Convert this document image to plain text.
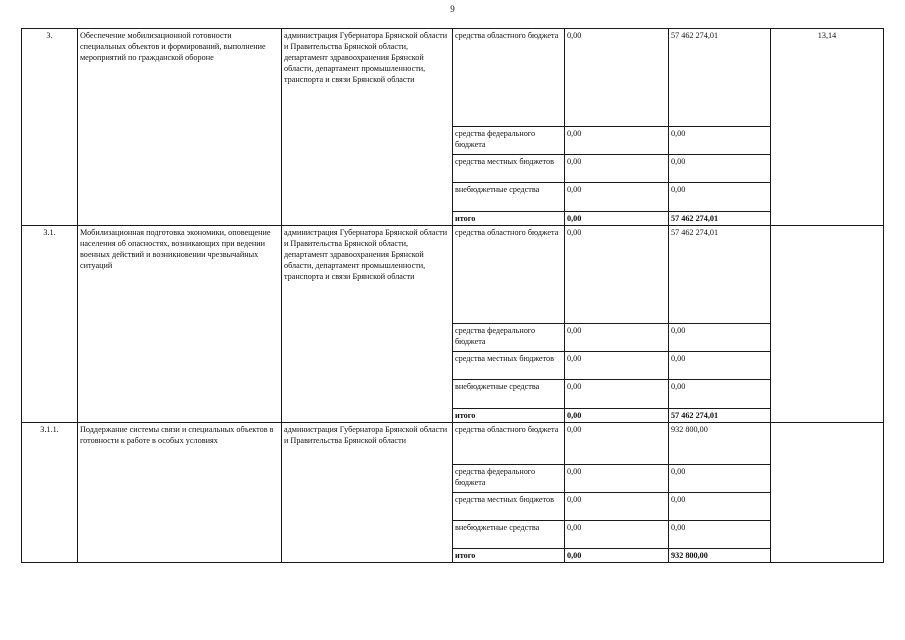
9
3.	Обеспечение мобилизационной готовности специальных объектов и формирований, выполнение мероприятий по гражданской обороне	администрация Губернатора Брянской области и Правительства Брянской области, департамент здравоохранения Брянской области, департамент промышленности, транспорта и связи Брянской области	средства областного бюджета	0,00	57 462 274,01	13,14
			средства федерального бюджета	0,00	0,00	
			средства местных бюджетов	0,00	0,00	
			внебюджетные средства	0,00	0,00	
			итого	0,00	57 462 274,01	
3.1.	Мобилизационная подготовка экономики, оповещение населения об опасностях, возникающих при ведении военных действий и возникновении чрезвычайных ситуаций	администрация Губернатора Брянской области и Правительства Брянской области, департамент здравоохранения Брянской области, департамент промышленности, транспорта и связи Брянской области	средства областного бюджета	0,00	57 462 274,01	
			средства федерального бюджета	0,00	0,00	
			средства местных бюджетов	0,00	0,00	
			внебюджетные средства	0,00	0,00	
			итого	0,00	57 462 274,01	
3.1.1.	Поддержание системы связи и специальных объектов в готовности к работе в особых условиях	администрация Губернатора Брянской области и Правительства Брянской области	средства областного бюджета	0,00	932 800,00	
			средства федерального бюджета	0,00	0,00	
			средства местных бюджетов	0,00	0,00	
			внебюджетные средства	0,00	0,00	
			итого	0,00	932 800,00	
